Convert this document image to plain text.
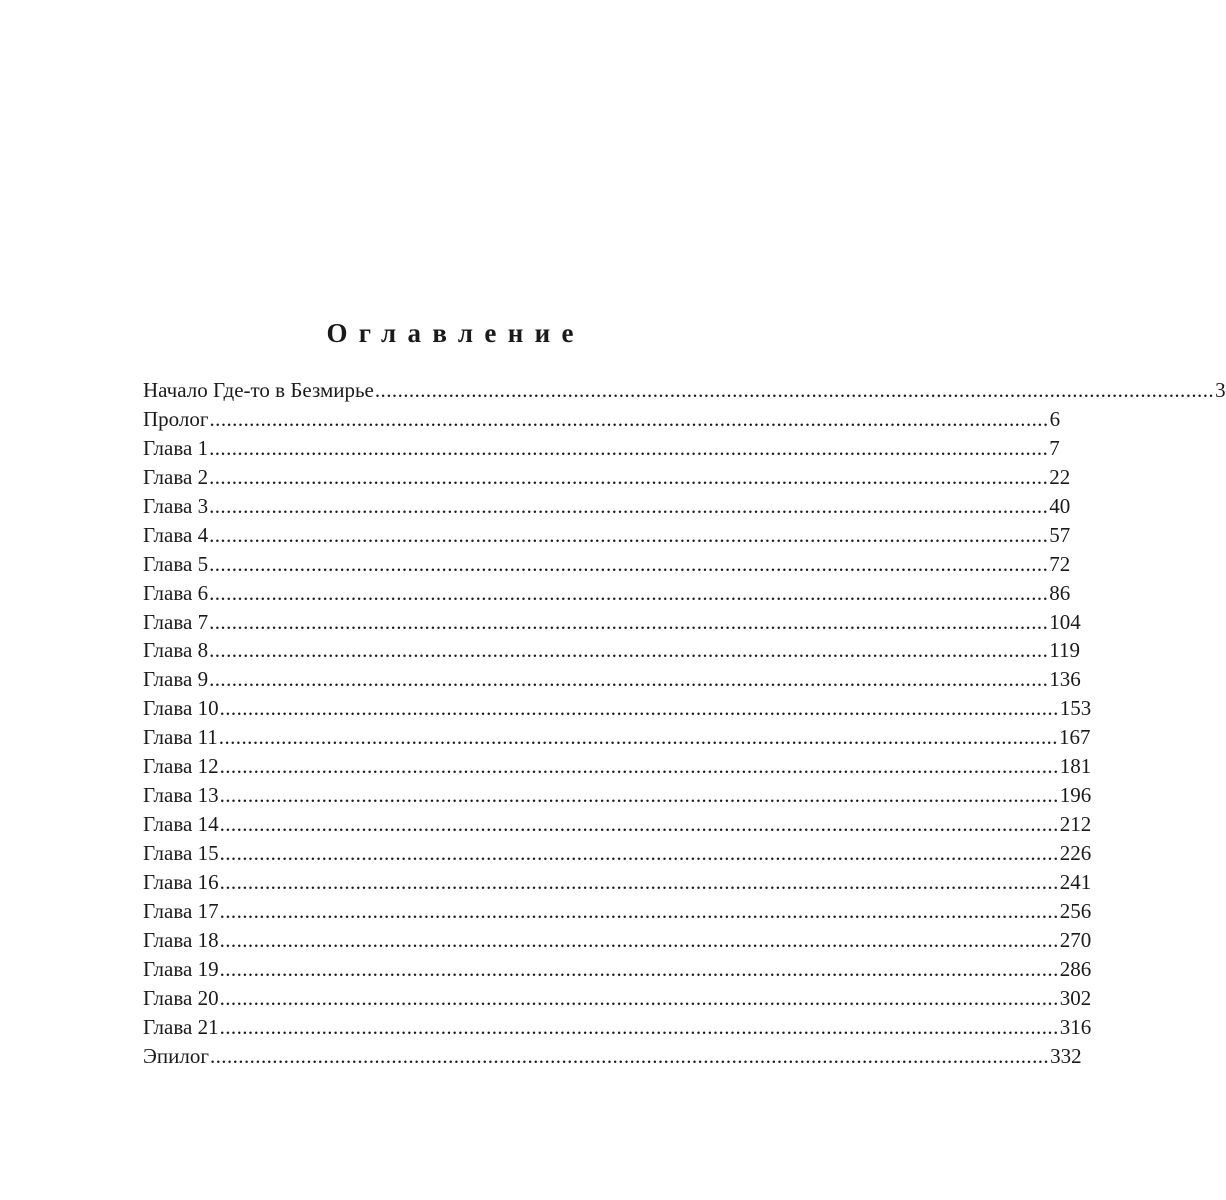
Оглавление
Начало Где-то в Безмирье .................................................................................................................................................... 3
Пролог .................................................................................................................................................... 6
Глава 1 .................................................................................................................................................... 7
Глава 2 .................................................................................................................................................... 22
Глава 3 .................................................................................................................................................... 40
Глава 4 .................................................................................................................................................... 57
Глава 5 .................................................................................................................................................... 72
Глава 6 .................................................................................................................................................... 86
Глава 7 .................................................................................................................................................... 104
Глава 8 .................................................................................................................................................... 119
Глава 9 .................................................................................................................................................... 136
Глава 10 .................................................................................................................................................... 153
Глава 11 .................................................................................................................................................... 167
Глава 12 .................................................................................................................................................... 181
Глава 13 .................................................................................................................................................... 196
Глава 14 .................................................................................................................................................... 212
Глава 15 .................................................................................................................................................... 226
Глава 16 .................................................................................................................................................... 241
Глава 17 .................................................................................................................................................... 256
Глава 18 .................................................................................................................................................... 270
Глава 19 .................................................................................................................................................... 286
Глава 20 .................................................................................................................................................... 302
Глава 21 .................................................................................................................................................... 316
Эпилог .................................................................................................................................................... 332
